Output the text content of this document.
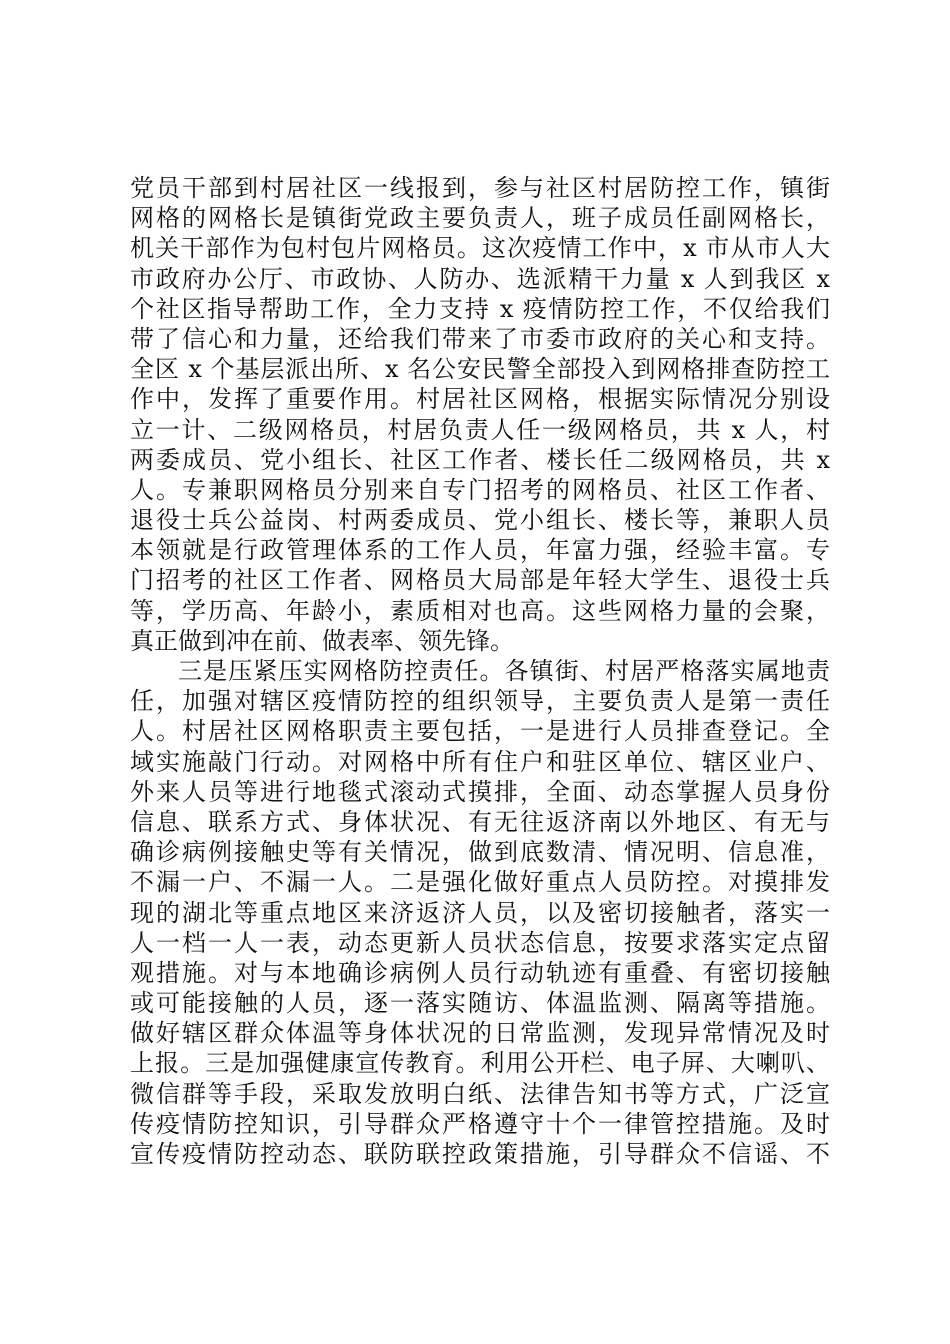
党员干部到村居社区一线报到，参与社区村居防控工作，镇街
网格的网格长是镇街党政主要负责人，班子成员任副网格长，
机关干部作为包村包片网格员。这次疫情工作中，x 市从市人大
市政府办公厅、市政协、人防办、选派精干力量 x 人到我区 x
个社区指导帮助工作，全力支持 x 疫情防控工作，不仅给我们
带了信心和力量，还给我们带来了市委市政府的关心和支持。
全区 x 个基层派出所、x 名公安民警全部投入到网格排查防控工
作中，发挥了重要作用。村居社区网格，根据实际情况分别设
立一计、二级网格员，村居负责人任一级网格员，共 x 人，村
两委成员、党小组长、社区工作者、楼长任二级网格员，共 x
人。专兼职网格员分别来自专门招考的网格员、社区工作者、
退役士兵公益岗、村两委成员、党小组长、楼长等，兼职人员
本领就是行政管理体系的工作人员，年富力强，经验丰富。专
门招考的社区工作者、网格员大局部是年轻大学生、退役士兵
等，学历高、年龄小，素质相对也高。这些网格力量的会聚，
真正做到冲在前、做表率、领先锋。
三是压紧压实网格防控责任。各镇街、村居严格落实属地责
任，加强对辖区疫情防控的组织领导，主要负责人是第一责任
人。村居社区网格职责主要包括，一是进行人员排查登记。全
域实施敲门行动。对网格中所有住户和驻区单位、辖区业户、
外来人员等进行地毯式滚动式摸排，全面、动态掌握人员身份
信息、联系方式、身体状况、有无往返济南以外地区、有无与
确诊病例接触史等有关情况，做到底数清、情况明、信息准，
不漏一户、不漏一人。二是强化做好重点人员防控。对摸排发
现的湖北等重点地区来济返济人员，以及密切接触者，落实一
人一档一人一表，动态更新人员状态信息，按要求落实定点留
观措施。对与本地确诊病例人员行动轨迹有重叠、有密切接触
或可能接触的人员，逐一落实随访、体温监测、隔离等措施。
做好辖区群众体温等身体状况的日常监测，发现异常情况及时
上报。三是加强健康宣传教育。利用公开栏、电子屏、大喇叭、
微信群等手段，采取发放明白纸、法律告知书等方式，广泛宣
传疫情防控知识，引导群众严格遵守十个一律管控措施。及时
宣传疫情防控动态、联防联控政策措施，引导群众不信谣、不
